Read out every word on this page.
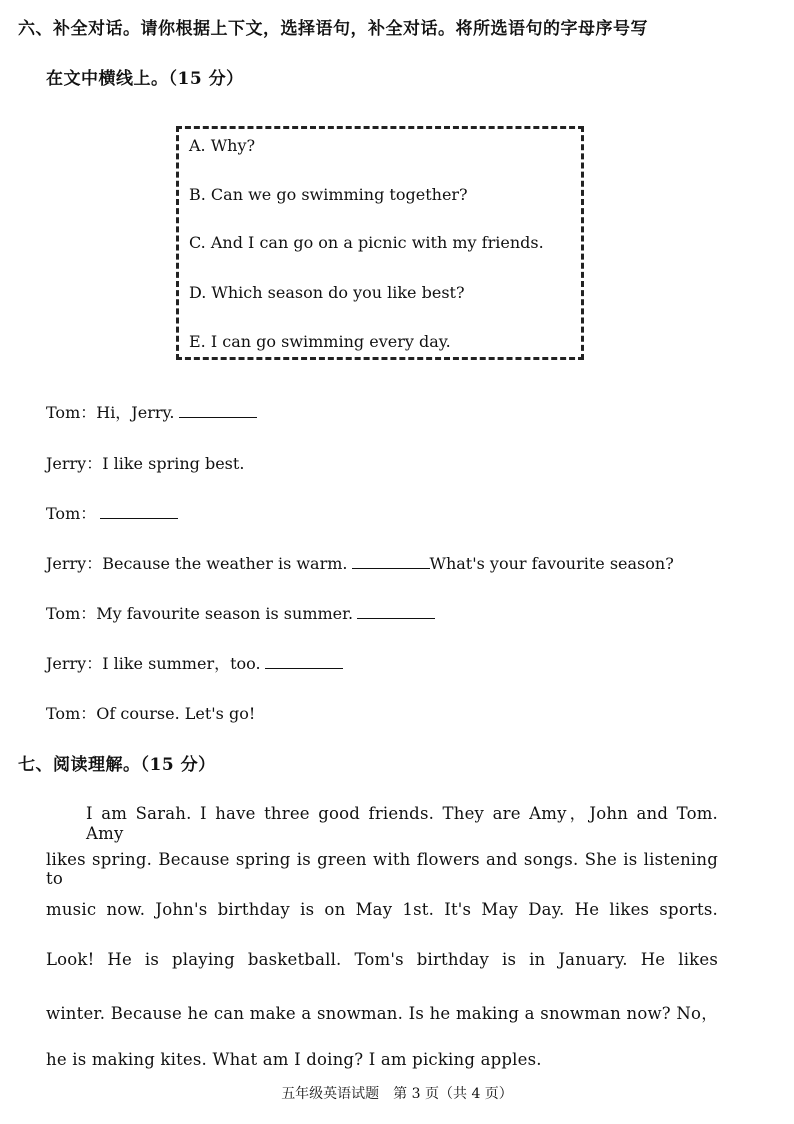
六、补全对话。请你根据上下文，选择语句，补全对话。将所选语句的字母序号写
在文中横线上。（15 分）
A. Why?
B. Can we go swimming together?
C. And I can go on a picnic with my friends.
D. Which season do you like best?
E. I can go swimming every day.
Tom：Hi，Jerry.
Jerry：I like spring best.
Tom：
Jerry：Because the weather is warm.	What's your favourite season?
Tom：My favourite season is summer.
Jerry：I like summer，too.
Tom：Of course. Let's go!
七、阅读理解。（15 分）
I am Sarah. I have three good friends. They are Amy，John and Tom. Amy
likes spring. Because spring is green with flowers and songs. She is listening to
music now. John's birthday is on May 1st. It's May Day. He likes sports.
Look! He is playing basketball. Tom's birthday is in January. He likes
winter. Because he can make a snowman. Is he making a snowman now? No，
he is making kites. What am I doing? I am picking apples.
五年级英语试题　第 3 页（共 4 页）
